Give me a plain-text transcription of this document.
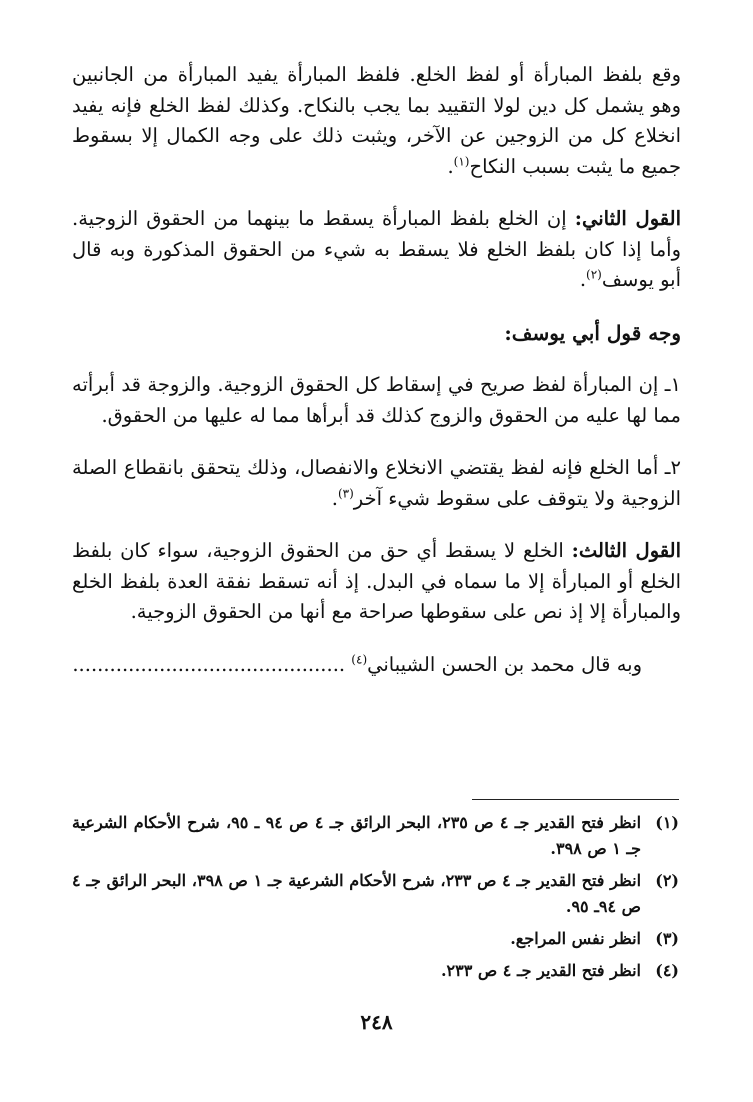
وقع بلفظ المبارأة أو لفظ الخلع. فلفظ المبارأة يفيد المبارأة من الجانبين وهو يشمل كل دين لولا التقييد بما يجب بالنكاح. وكذلك لفظ الخلع فإنه يفيد انخلاع كل من الزوجين عن الآخر، ويثبت ذلك على وجه الكمال إلا بسقوط جميع ما يثبت بسبب النكاح$^{(١)}$.

القول الثاني: إن الخلع بلفظ المبارأة يسقط ما بينهما من الحقوق الزوجية. وأما إذا كان بلفظ الخلع فلا يسقط به شيء من الحقوق المذكورة وبه قال أبو يوسف$^{(٢)}$.

وجه قول أبي يوسف:

١ـ إن المبارأة لفظ صريح في إسقاط كل الحقوق الزوجية. والزوجة قد أبرأته مما لها عليه من الحقوق والزوج كذلك قد أبرأها مما له عليها من الحقوق.

٢ـ أما الخلع فإنه لفظ يقتضي الانخلاع والانفصال، وذلك يتحقق بانقطاع الصلة الزوجية ولا يتوقف على سقوط شيء آخر$^{(٣)}$.

القول الثالث: الخلع لا يسقط أي حق من الحقوق الزوجية، سواء كان بلفظ الخلع أو المبارأة إلا ما سماه في البدل. إذ أنه تسقط نفقة العدة بلفظ الخلع والمبارأة إلا إذ نص على سقوطها صراحة مع أنها من الحقوق الزوجية.

  وبه قال محمد بن الحسن الشيباني$^{(٤)}$ ............................................

(١)
انظر فتح القدير جـ ٤ ص ٢٣٥، البحر الرائق جـ ٤ ص ٩٤ ـ ٩٥، شرح الأحكام الشرعية جـ ١ ص ٣٩٨.
(٢)
انظر فتح القدير جـ ٤ ص ٢٣٣، شرح الأحكام الشرعية جـ ١ ص ٣٩٨، البحر الرائق جـ ٤ ص ٩٤ـ ٩٥.
(٣)
انظر نفس المراجع.
(٤)
انظر فتح القدير جـ ٤ ص ٢٣٣.
٢٤٨
